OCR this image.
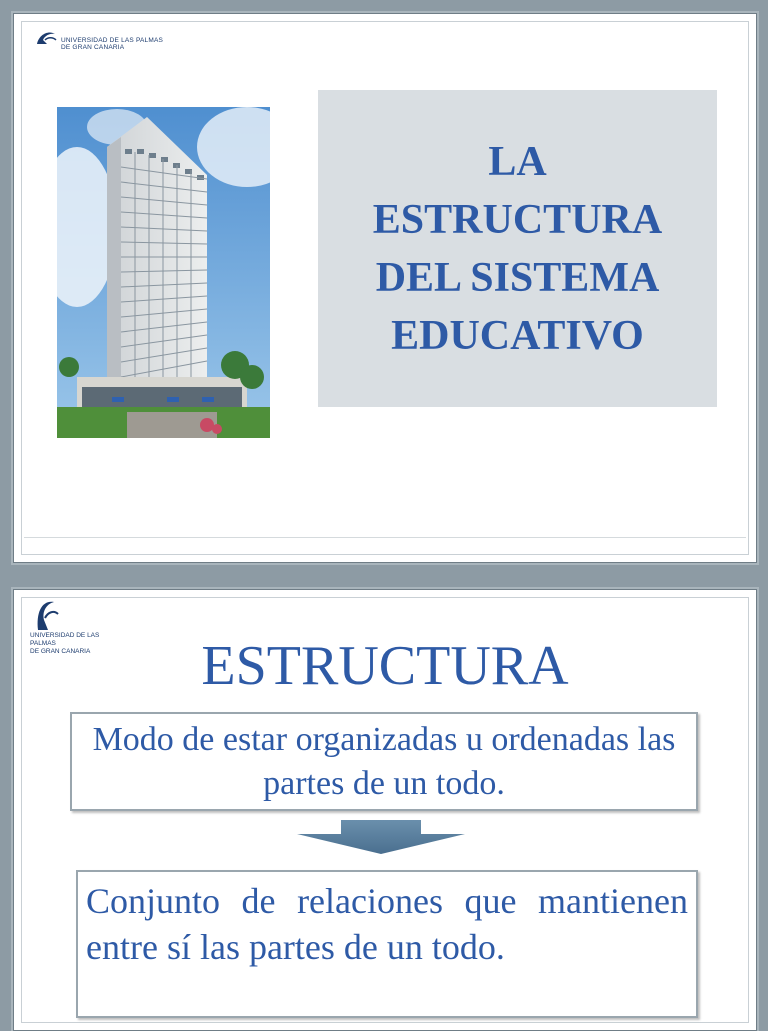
UNIVERSIDAD DE LAS PALMAS
DE GRAN CANARIA
LA
ESTRUCTURA
DEL SISTEMA
EDUCATIVO
UNIVERSIDAD DE LAS PALMAS
DE GRAN CANARIA	ESTRUCTURA
Modo de estar organizadas u ordenadas las partes de un todo.
Conjunto de relaciones que mantienen entre sí las partes de un todo.
